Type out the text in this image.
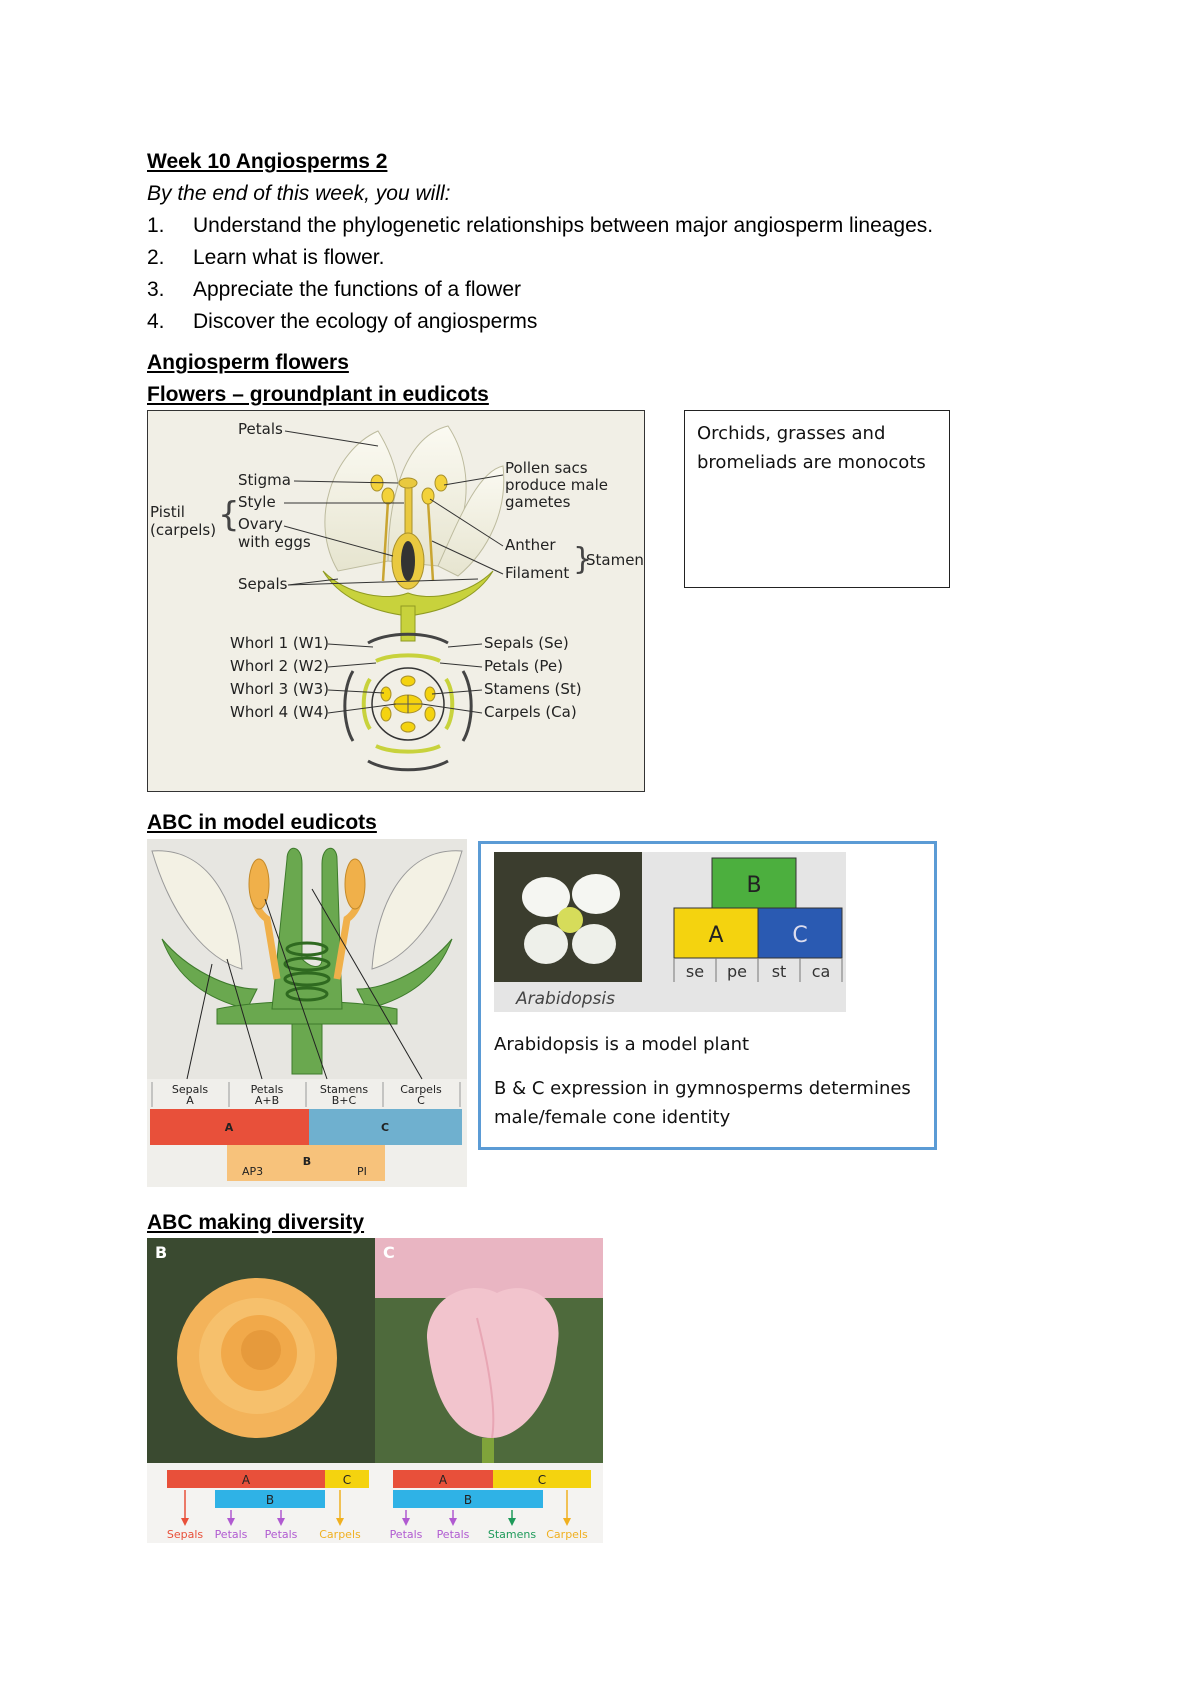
Week 10 Angiosperms 2
By the end of this week, you will:
1.	Understand the phylogenetic relationships between major angiosperm lineages.
2.	Learn what is flower.
3.	Appreciate the functions of a flower
4.	Discover the ecology of angiosperms
Angiosperm flowers
Flowers – groundplant in eudicots
Petals
Stigma
Style
Ovary
with eggs
Pistil
(carpels) {
Sepals
Pollen sacs
produce male
gametes
Anther
Filament }
Stamen
Whorl 1 (W1)
Whorl 2 (W2)
Whorl 3 (W3)
Whorl 4 (W4)
Sepals (Se)
Petals (Pe)
Stamens (St)
Carpels (Ca)
Orchids, grasses and bromeliads are monocots
ABC in model eudicots
Sepals
A
Petals
A+B
Stamens
B+C
Carpels
C
A	C
B
AP3	PI
Arabidopsis
B
A	C
se pe st ca
Arabidopsis is a model plant
B & C expression in gymnosperms determines male/female cone identity
ABC making diversity
B	C
A	C
B
Sepals Petals Petals Carpels
A	C
B
Petals Petals Stamens Carpels
